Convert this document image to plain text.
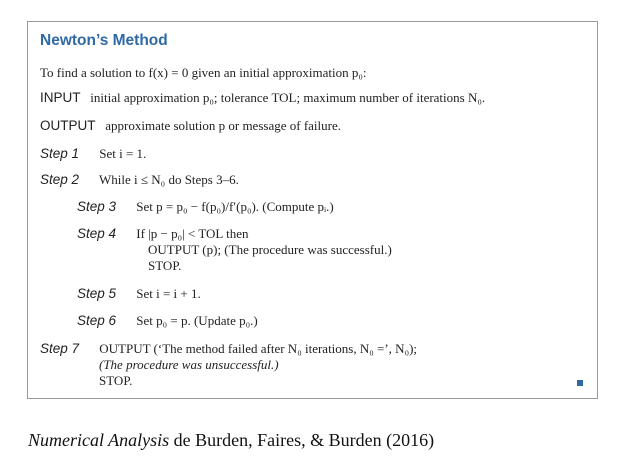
Newton’s Method
To find a solution to f(x) = 0 given an initial approximation p₀:
INPUT initial approximation p₀; tolerance TOL; maximum number of iterations N₀.
OUTPUT approximate solution p or message of failure.
Step 1 Set i = 1.
Step 2 While i ≤ N₀ do Steps 3–6.
Step 3 Set p = p₀ − f(p₀)/f′(p₀). (Compute pᵢ.)
Step 4 If |p − p₀| < TOL then
OUTPUT (p); (The procedure was successful.)
STOP.
Step 5 Set i = i + 1.
Step 6 Set p₀ = p. (Update p₀.)
Step 7 OUTPUT (‘The method failed after N₀ iterations, N₀ =’, N₀);
(The procedure was unsuccessful.)
STOP.
Numerical Analysis de Burden, Faires, & Burden (2016)
